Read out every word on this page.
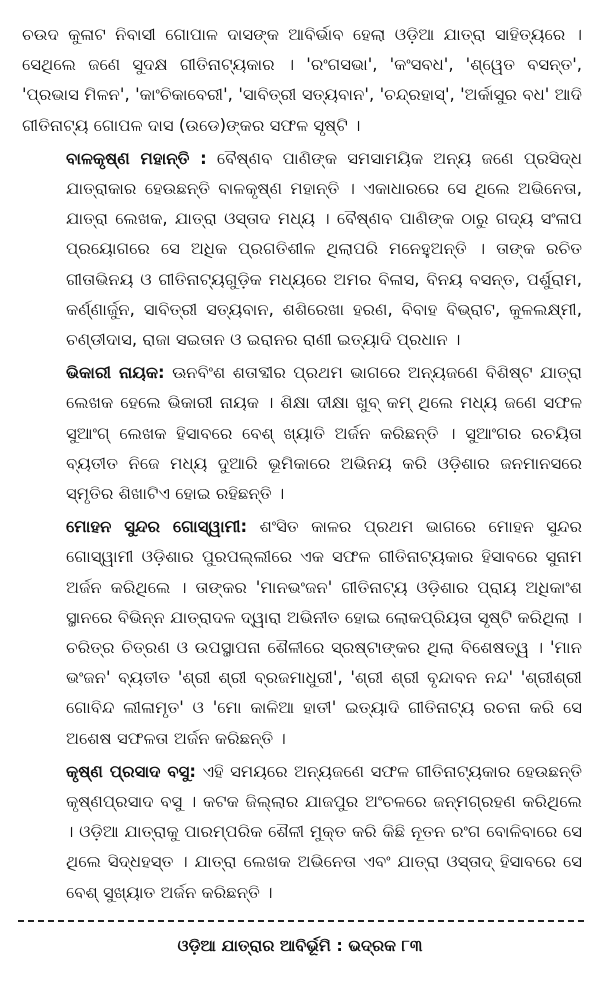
ଚଉଦ କୁଳାଟ ନିବାସୀ ଗୋପାଳ ଦାସଙ୍କ ଆବିର୍ଭାବ ହେଲା ଓଡ଼ିଆ ଯାତ୍ରା ସାହିତ୍ୟରେ । ସେଥିଲେ ଜଣେ ସୁଦକ୍ଷ ଗୀତିନାଟ୍ୟକାର । 'ରଂଗସଭା', 'କଂସବଧ', 'ଶ୍ୱେତ ବସନ୍ତ', 'ପ୍ରଭାସ ମିଳନ', 'କାଂଚିକାବେରୀ', 'ସାବିତ୍ରୀ ସତ୍ୟବାନ', 'ଚନ୍ଦ୍ରହାସ୍', 'ଅର୍କାସୁର ବଧ' ଆଦି ଗୀତିନାଟ୍ୟ ଗୋପଳ ଦାସ (ଉଡେ)ଙ୍କର ସଫଳ ସୃଷ୍ଟି ।

ବାଳକୃଷ୍ଣ ମହାନ୍ତି : ବୈଷ୍ଣବ ପାଣିଙ୍କ ସମସାମୟିକ ଅନ୍ୟ ଜଣେ ପ୍ରସିଦ୍ଧ ଯାତ୍ରାକାର ହେଉଛନ୍ତି ବାଳକୃଷ୍ଣ ମହାନ୍ତି । ଏକାଧାରରେ ସେ ଥିଲେ ଅଭିନେତା, ଯାତ୍ରା ଲେଖକ, ଯାତ୍ରା ଓସ୍ତାଦ ମଧ୍ୟ । ବୈଷ୍ଣବ ପାଣିଙ୍କ ଠାରୁ ଗଦ୍ୟ ସଂଳାପ ପ୍ରୟୋଗରେ ସେ ଅଧିକ ପ୍ରଗତିଶୀଳ ଥିଲାପରି ମନେହୁଅନ୍ତି । ତାଙ୍କ ରଚିତ ଗୀତାଭିନୟ ଓ ଗୀତିନାଟ୍ୟଗୁଡ଼ିକ ମଧ୍ୟରେ ଅମର ବିଳାସ, ବିନୟ ବସନ୍ତ, ପର୍ଶୁରାମ, କର୍ଣ୍ଣାର୍ଜୁନ, ସାବିତ୍ରୀ ସତ୍ୟବାନ, ଶଶିରେଖା ହରଣ, ବିବାହ ବିଭ୍ରାଟ, କୁଳଲକ୍ଷ୍ମୀ, ଚଣ୍ଡୀଦାସ, ରାଜା ସଇତାନ ଓ ଇରାନର ରାଣୀ ଇତ୍ୟାଦି ପ୍ରଧାନ ।

ଭିକାରୀ ନାୟକ: ଊନବିଂଶ ଶତାବ୍ଦୀର ପ୍ରଥମ ଭାଗରେ ଅନ୍ୟଜଣେ ବିଶିଷ୍ଟ ଯାତ୍ରା ଲେଖକ ହେଲେ ଭିକାରୀ ନାୟକ । ଶିକ୍ଷା ଦୀକ୍ଷା ଖୁବ୍ କମ୍ ଥିଲେ ମଧ୍ୟ ଜଣେ ସଫଳ ସୁଆଂଗ୍ ଲେଖକ ହିସାବରେ ବେଶ୍ ଖ୍ୟାତି ଅର୍ଜନ କରିଛନ୍ତି । ସୁଆଂଗର ରଚୟିତା ବ୍ୟତୀତ ନିଜେ ମଧ୍ୟ ଦୁଆରି ଭୂମିକାରେ ଅଭିନୟ କରି ଓଡ଼ିଶାର ଜନମାନସରେ ସ୍ମୃତିର ଶିଖାଟିଏ ହୋଇ ରହିଛନ୍ତି ।

ମୋହନ ସୁନ୍ଦର ଗୋସ୍ୱାମୀ: ଶଂସିତ କାଳର ପ୍ରଥମ ଭାଗରେ ମୋହନ ସୁନ୍ଦର ଗୋସ୍ୱାମୀ ଓଡ଼ିଶାର ପୁରପଲ୍ଲୀରେ ଏକ ସଫଳ ଗୀତିନାଟ୍ୟକାର ହିସାବରେ ସୁନାମ ଅର୍ଜନ କରିଥିଲେ । ତାଙ୍କର 'ମାନଭଂଜନ' ଗୀତିନାଟ୍ୟ ଓଡ଼ିଶାର ପ୍ରାୟ ଅଧିକାଂଶ ସ୍ଥାନରେ ବିଭିନ୍ନ ଯାତ୍ରାଦଳ ଦ୍ୱାରା ଅଭିନୀତ ହୋଇ ଲୋକପ୍ରିୟତା ସୃଷ୍ଟି କରିଥିଲା । ଚରିତ୍ର ଚିତ୍ରଣ ଓ ଉପସ୍ଥାପନା ଶୈଳୀରେ ସ୍ରଷ୍ଟାଙ୍କର ଥିଲା ବିଶେଷତ୍ୱ । 'ମାନ ଭଂଜନ' ବ୍ୟତୀତ 'ଶ୍ରୀ ଶ୍ରୀ ବ୍ରଜମାଧୁରୀ', 'ଶ୍ରୀ ଶ୍ରୀ ବୃନ୍ଦାବନ ନନ୍ଦ' 'ଶ୍ରୀଶ୍ରୀ ଗୋବିନ୍ଦ ଲୀଳାମୃତ' ଓ 'ମୋ କାଳିଆ ହାତୀ' ଇତ୍ୟାଦି ଗୀତିନାଟ୍ୟ ରଚନା କରି ସେ ଅଶେଷ ସଫଳତା ଅର୍ଜନ କରିଛନ୍ତି ।

କୃଷ୍ଣ ପ୍ରସାଦ ବସୁ: ଏହି ସମୟରେ ଅନ୍ୟଜଣେ ସଫଳ ଗୀତିନାଟ୍ୟକାର ହେଉଛନ୍ତି କୃଷ୍ଣପ୍ରସାଦ ବସୁ । କଟକ ଜିଲ୍ଲାର ଯାଜପୁର ଅଂଚଳରେ ଜନ୍ମଗ୍ରହଣ କରିଥିଲେ । ଓଡ଼ିଆ ଯାତ୍ରାକୁ ପାରମ୍ପରିକ ଶୈଳୀ ମୁକ୍ତ କରି କିଛି ନୂତନ ରଂଗ ବୋଳିବାରେ ସେ ଥିଲେ ସିଦ୍ଧହସ୍ତ । ଯାତ୍ରା ଲେଖକ ଅଭିନେତା ଏବଂ ଯାତ୍ରା ଓସ୍ତାଦ୍ ହିସାବରେ ସେ ବେଶ୍ ସୁଖ୍ୟାତ ଅର୍ଜନ କରିଛନ୍ତି ।

ଓଡ଼ିଆ ଯାତ୍ରାର ଆବିର୍ଭୂମି : ଭଦ୍ରକ ୮୩
